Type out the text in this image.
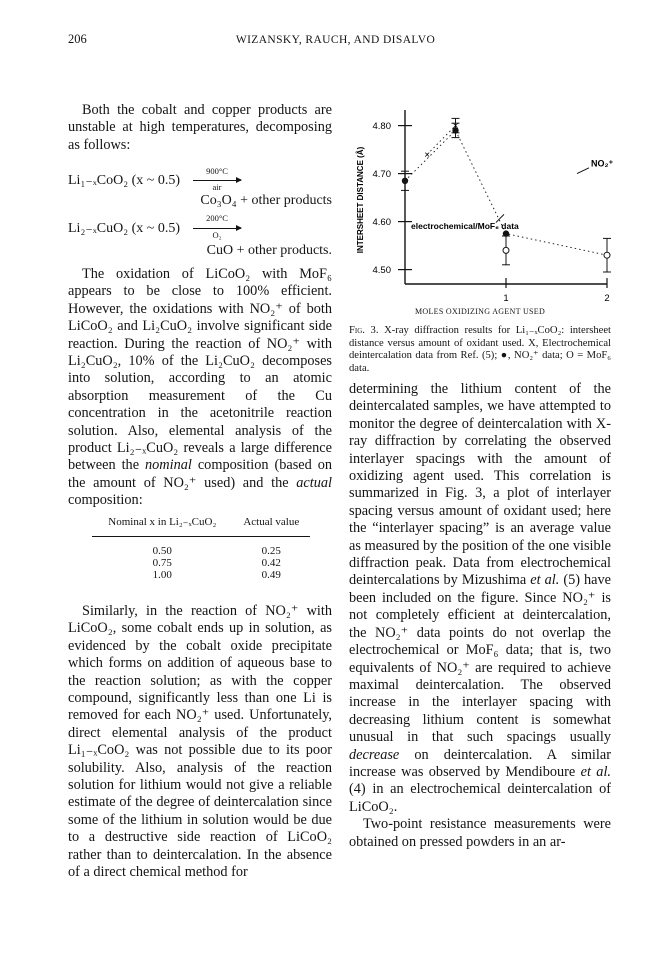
206	WIZANSKY, RAUCH, AND DISALVO

Both the cobalt and copper products are unstable at high temperatures, decomposing as follows:

Li₁₋ₓCoO₂ (x ~ 0.5)
900°C
air
Co₃O₄ + other products
Li₂₋ₓCuO₂ (x ~ 0.5)
200°C
O₂
CuO + other products.

The oxidation of LiCoO₂ with MoF₆ appears to be close to 100% efficient. However, the oxidations with NO₂⁺ of both LiCoO₂ and Li₂CuO₂ involve significant side reaction. During the reaction of NO₂⁺ with Li₂CuO₂, 10% of the Li₂CuO₂ decomposes into solution, according to an atomic absorption measurement of the Cu concentration in the acetonitrile reaction solution. Also, elemental analysis of the product Li₂₋ₓCuO₂ reveals a large difference between the nominal composition (based on the amount of NO₂⁺ used) and the actual composition:

Nominal x in Li₂₋ₓCuO₂	Actual value
0.50	0.25
0.75	0.42
1.00	0.49

Similarly, in the reaction of NO₂⁺ with LiCoO₂, some cobalt ends up in solution, as evidenced by the cobalt oxide precipitate which forms on addition of aqueous base to the reaction solution; as with the copper compound, significantly less than one Li is removed for each NO₂⁺ used. Unfortunately, direct elemental analysis of the product Li₁₋ₓCoO₂ was not possible due to its poor solubility. Also, analysis of the reaction solution for lithium would not give a reliable estimate of the degree of deintercalation since some of the lithium in solution would be due to a destructive side reaction of LiCoO₂ rather than to deintercalation. In the absence of a direct chemical method for

4.80
4.70
4.60
4.50
1	2
INTERSHEET DISTANCE (Å)	×
×
NO₂⁺
electrochemical/MoF₆ data
MOLES OXIDIZING AGENT USED
Fig. 3. X-ray diffraction results for Li₁₋ₓCoO₂: intersheet distance versus amount of oxidant used. X, Electrochemical deintercalation data from Ref. (5); ●, NO₂⁺ data; O = MoF₆ data.

determining the lithium content of the deintercalated samples, we have attempted to monitor the degree of deintercalation with X-ray diffraction by correlating the observed interlayer spacings with the amount of oxidizing agent used. This correlation is summarized in Fig. 3, a plot of interlayer spacing versus amount of oxidant used; here the “interlayer spacing” is an average value as measured by the position of the one visible diffraction peak. Data from electrochemical deintercalations by Mizushima et al. (5) have been included on the figure. Since NO₂⁺ is not completely efficient at deintercalation, the NO₂⁺ data points do not overlap the electrochemical or MoF₆ data; that is, two equivalents of NO₂⁺ are required to achieve maximal deintercalation. The observed increase in the interlayer spacing with decreasing lithium content is somewhat unusual in that such spacings usually decrease on deintercalation. A similar increase was observed by Mendiboure et al. (4) in an electrochemical deintercalation of LiCoO₂.

Two-point resistance measurements were obtained on pressed powders in an ar-
